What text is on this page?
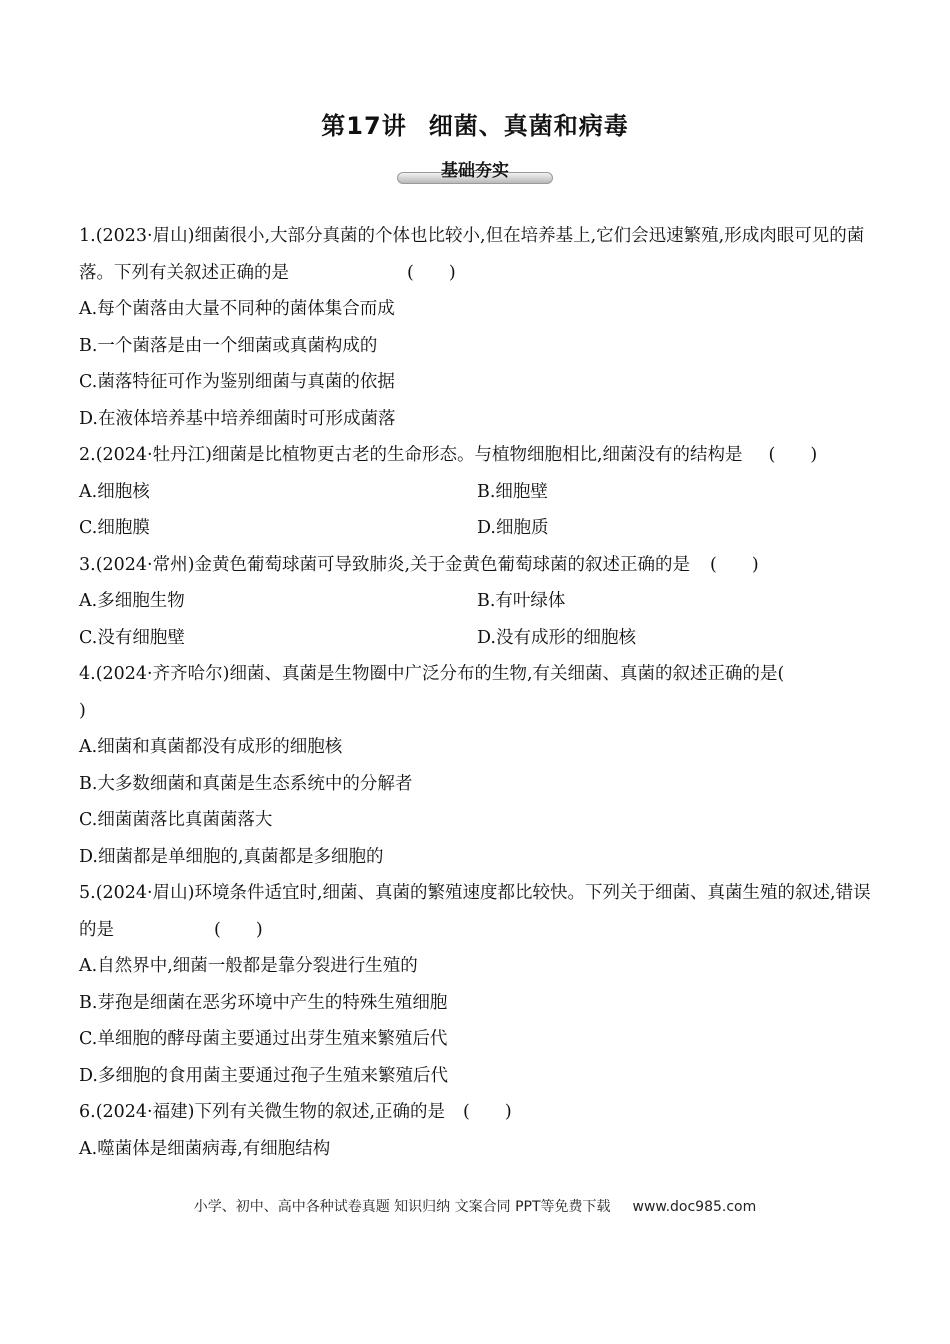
第17讲 细菌、真菌和病毒
基础夯实
1.(2023·眉山)细菌很小,大部分真菌的个体也比较小,但在培养基上,它们会迅速繁殖,形成肉眼可见的菌落。下列有关叙述正确的是	(　　)
A.每个菌落由大量不同种的菌体集合而成
B.一个菌落是由一个细菌或真菌构成的
C.菌落特征可作为鉴别细菌与真菌的依据
D.在液体培养基中培养细菌时可形成菌落
2.(2024·牡丹江)细菌是比植物更古老的生命形态。与植物细胞相比,细菌没有的结构是 (　　)
A.细胞核	B.细胞壁
C.细胞膜	D.细胞质
3.(2024·常州)金黄色葡萄球菌可导致肺炎,关于金黄色葡萄球菌的叙述正确的是 (　　)
A.多细胞生物	B.有叶绿体
C.没有细胞壁	D.没有成形的细胞核
4.(2024·齐齐哈尔)细菌、真菌是生物圈中广泛分布的生物,有关细菌、真菌的叙述正确的是(
)
A.细菌和真菌都没有成形的细胞核
B.大多数细菌和真菌是生态系统中的分解者
C.细菌菌落比真菌菌落大
D.细菌都是单细胞的,真菌都是多细胞的
5.(2024·眉山)环境条件适宜时,细菌、真菌的繁殖速度都比较快。下列关于细菌、真菌生殖的叙述,错误的是	(　　)
A.自然界中,细菌一般都是靠分裂进行生殖的
B.芽孢是细菌在恶劣环境中产生的特殊生殖细胞
C.单细胞的酵母菌主要通过出芽生殖来繁殖后代
D.多细胞的食用菌主要通过孢子生殖来繁殖后代
6.(2024·福建)下列有关微生物的叙述,正确的是 (　　)
A.噬菌体是细菌病毒,有细胞结构
小学、初中、高中各种试卷真题 知识归纳 文案合同 PPT等免费下载 www.doc985.com
